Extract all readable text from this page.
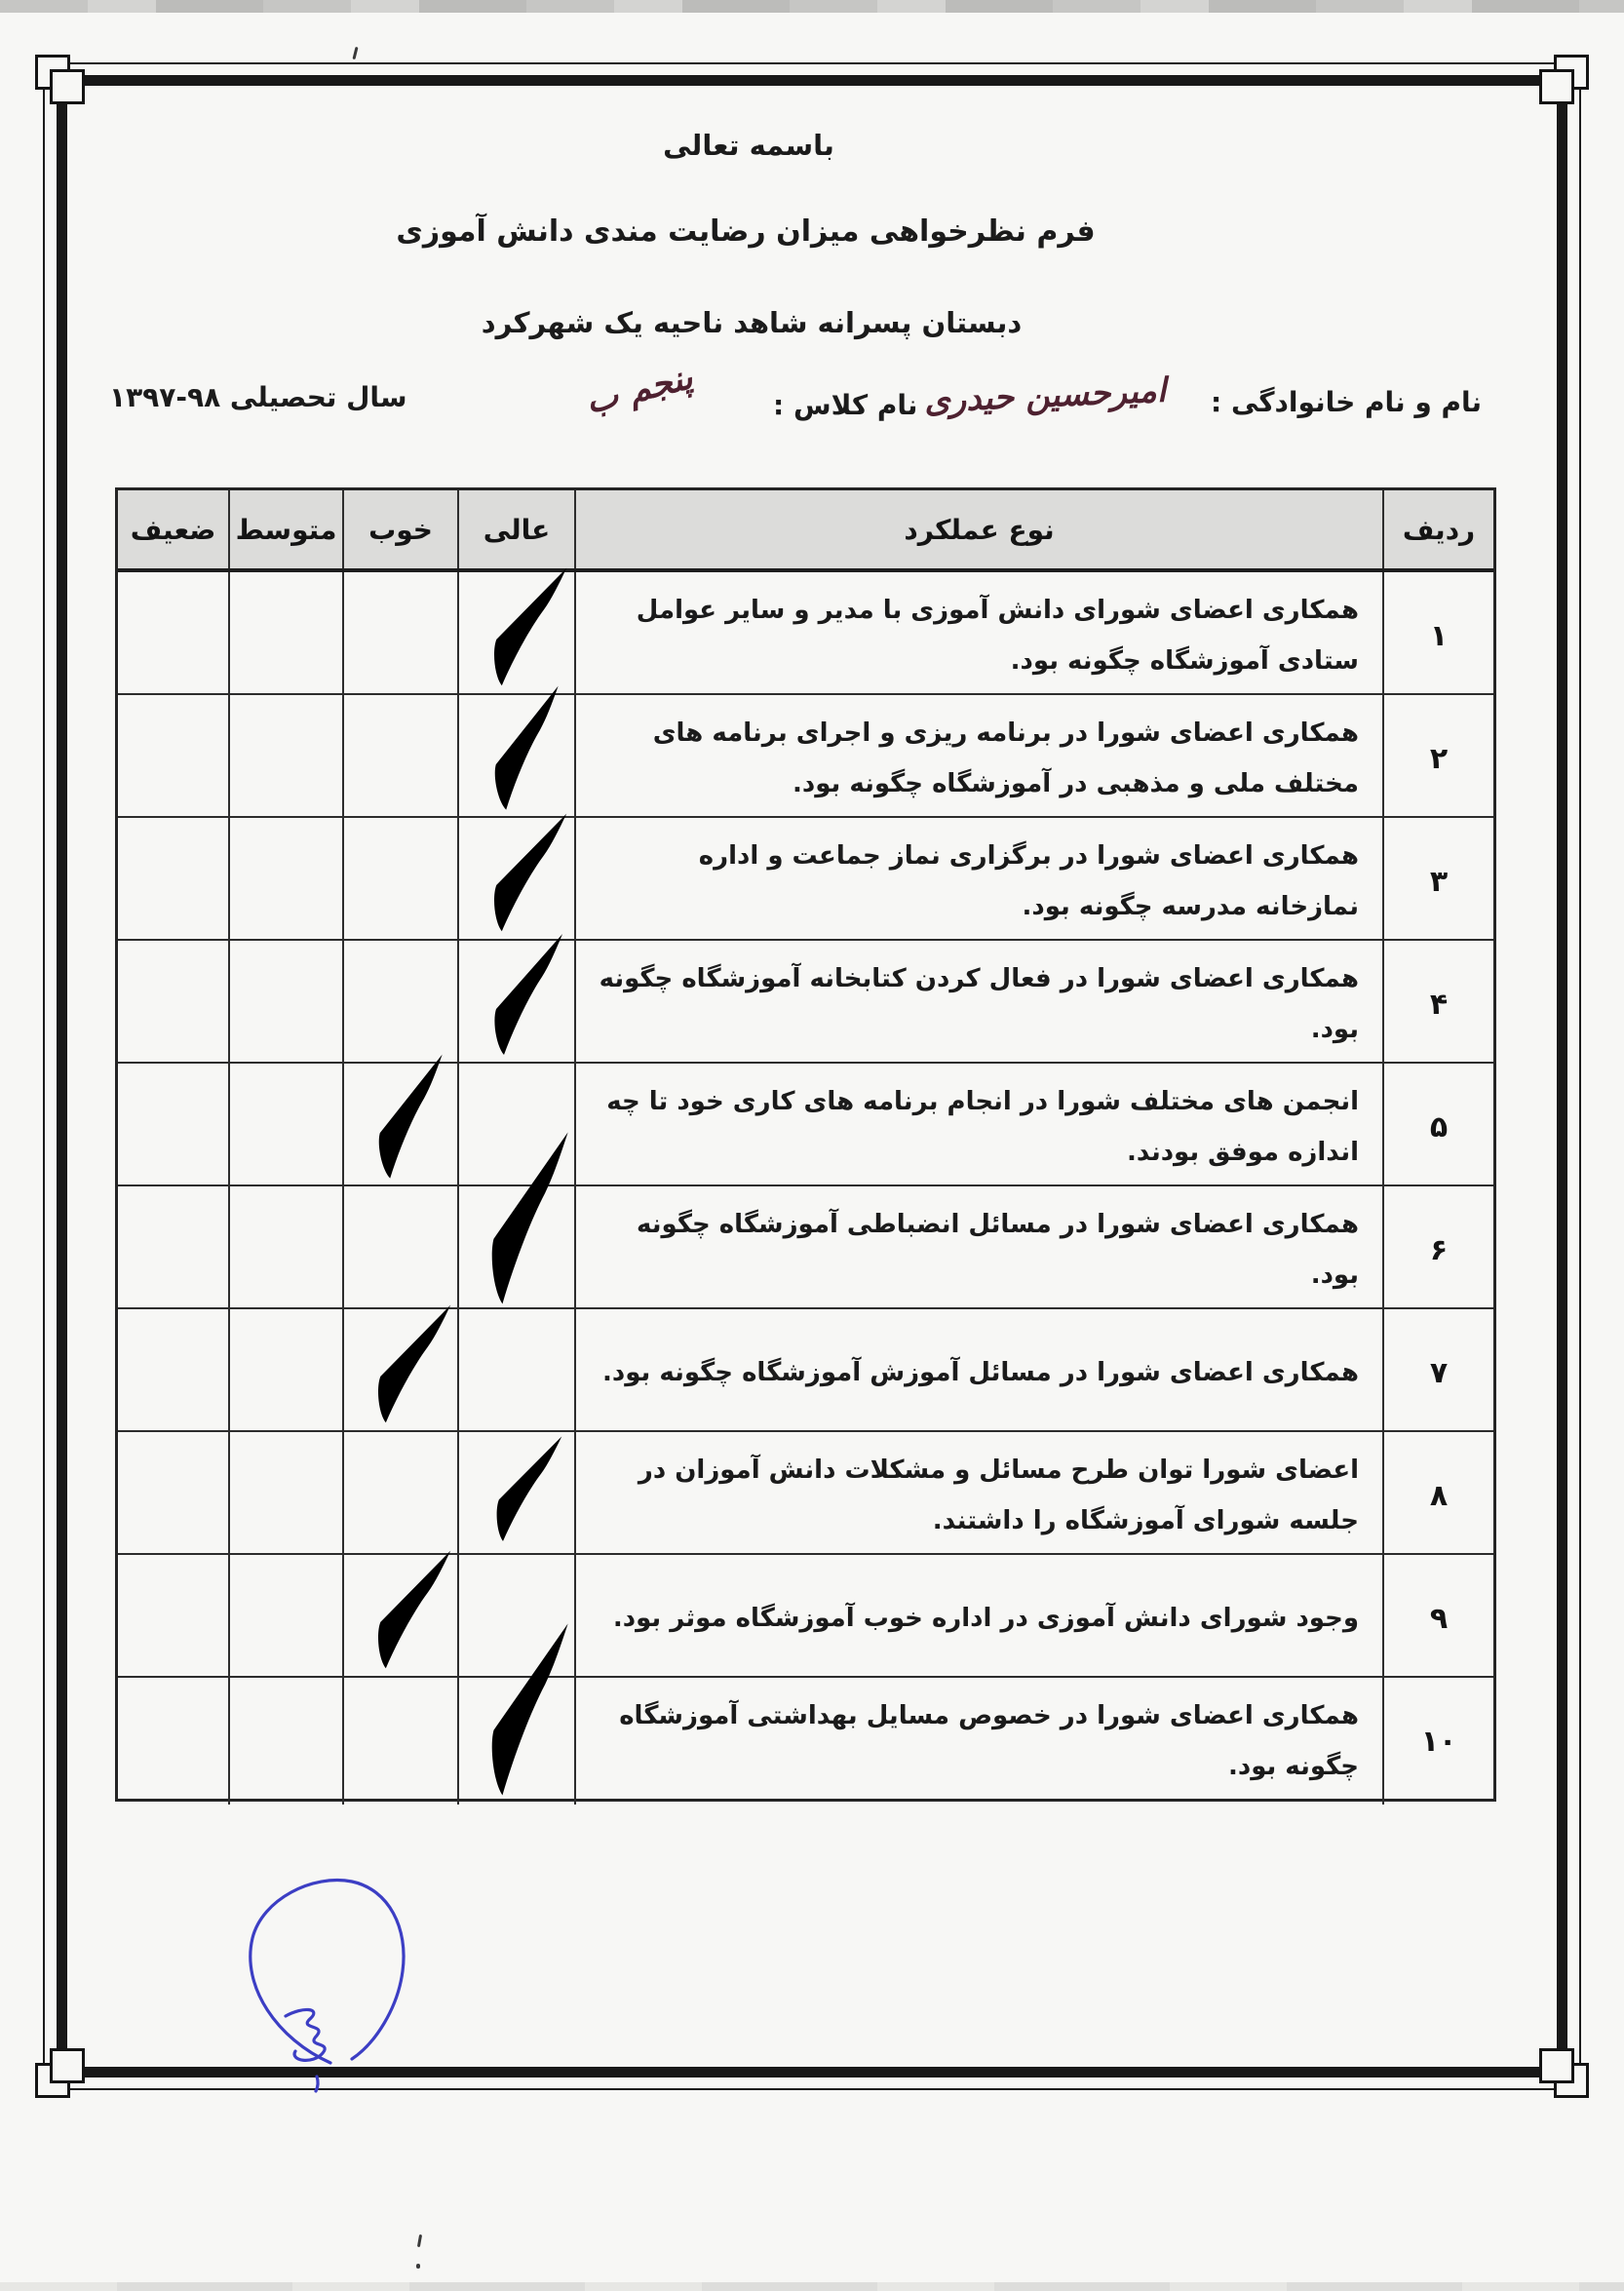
باسمه تعالی
فرم نظرخواهی میزان رضایت مندی دانش آموزی
دبستان پسرانه شاهد ناحیه یک شهرکرد
نام و نام خانوادگی :
امیرحسین حیدری
نام کلاس :
پنجم ب
سال تحصیلی ۹۸-۱۳۹۷
ردیف
نوع عملکرد
عالی
خوب
متوسط
ضعیف
۱
همکاری اعضای شورای دانش آموزی با مدیر و سایر عوامل ستادی آموزشگاه چگونه بود.
۲
همکاری اعضای شورا در برنامه ریزی و اجرای برنامه های مختلف ملی و مذهبی در آموزشگاه چگونه بود.
۳
همکاری اعضای شورا در برگزاری نماز جماعت و اداره نمازخانه مدرسه چگونه بود.
۴
همکاری اعضای شورا در فعال کردن کتابخانه آموزشگاه چگونه بود.
۵
انجمن های مختلف شورا در انجام برنامه های کاری خود تا چه اندازه موفق بودند.
۶
همکاری اعضای شورا در مسائل انضباطی آموزشگاه چگونه بود.
۷
همکاری اعضای شورا در مسائل آموزش آموزشگاه چگونه بود.
۸
اعضای شورا توان طرح مسائل و مشکلات دانش آموزان در جلسه شورای آموزشگاه را داشتند.
۹
وجود شورای دانش آموزی در اداره خوب آموزشگاه موثر بود.
۱۰
همکاری اعضای شورا در خصوص مسایل بهداشتی آموزشگاه چگونه بود.
